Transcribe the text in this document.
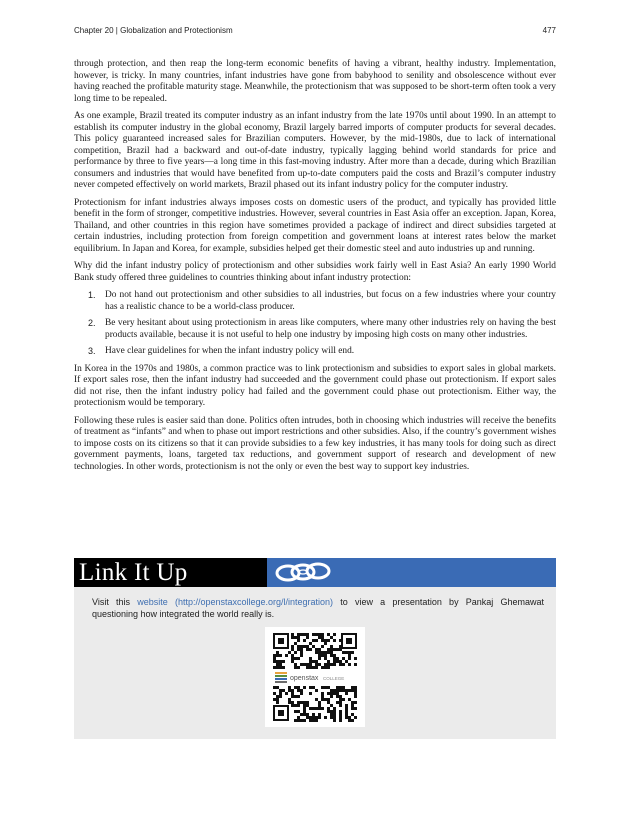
Chapter 20 | Globalization and Protectionism	477

through protection, and then reap the long-term economic benefits of having a vibrant, healthy industry. Implementation, however, is tricky. In many countries, infant industries have gone from babyhood to senility and obsolescence without ever having reached the profitable maturity stage. Meanwhile, the protectionism that was supposed to be short-term often took a very long time to be repealed.

As one example, Brazil treated its computer industry as an infant industry from the late 1970s until about 1990. In an attempt to establish its computer industry in the global economy, Brazil largely barred imports of computer products for several decades. This policy guaranteed increased sales for Brazilian computers. However, by the mid-1980s, due to lack of international competition, Brazil had a backward and out-of-date industry, typically lagging behind world standards for price and performance by three to five years—a long time in this fast-moving industry. After more than a decade, during which Brazilian consumers and industries that would have benefited from up-to-date computers paid the costs and Brazil’s computer industry never competed effectively on world markets, Brazil phased out its infant industry policy for the computer industry.

Protectionism for infant industries always imposes costs on domestic users of the product, and typically has provided little benefit in the form of stronger, competitive industries. However, several countries in East Asia offer an exception. Japan, Korea, Thailand, and other countries in this region have sometimes provided a package of indirect and direct subsidies targeted at certain industries, including protection from foreign competition and government loans at interest rates below the market equilibrium. In Japan and Korea, for example, subsidies helped get their domestic steel and auto industries up and running.

Why did the infant industry policy of protectionism and other subsidies work fairly well in East Asia? An early 1990 World Bank study offered three guidelines to countries thinking about infant industry protection:

1. Do not hand out protectionism and other subsidies to all industries, but focus on a few industries where your country has a realistic chance to be a world-class producer.
2. Be very hesitant about using protectionism in areas like computers, where many other industries rely on having the best products available, because it is not useful to help one industry by imposing high costs on many other industries.
3. Have clear guidelines for when the infant industry policy will end.

In Korea in the 1970s and 1980s, a common practice was to link protectionism and subsidies to export sales in global markets. If export sales rose, then the infant industry had succeeded and the government could phase out protectionism. If export sales did not rise, then the infant industry policy had failed and the government could phase out protectionism. Either way, the protectionism would be temporary.

Following these rules is easier said than done. Politics often intrudes, both in choosing which industries will receive the benefits of treatment as “infants” and when to phase out import restrictions and other subsidies. Also, if the country’s government wishes to impose costs on its citizens so that it can provide subsidies to a few key industries, it has many tools for doing such as direct government payments, loans, targeted tax reductions, and government support of research and development of new technologies. In other words, protectionism is not the only or even the best way to support key industries.

Link It Up
Visit this website (http://openstaxcollege.org/l/integration) to view a presentation by Pankaj Ghemawat questioning how integrated the world really is.
openstax COLLEGE
